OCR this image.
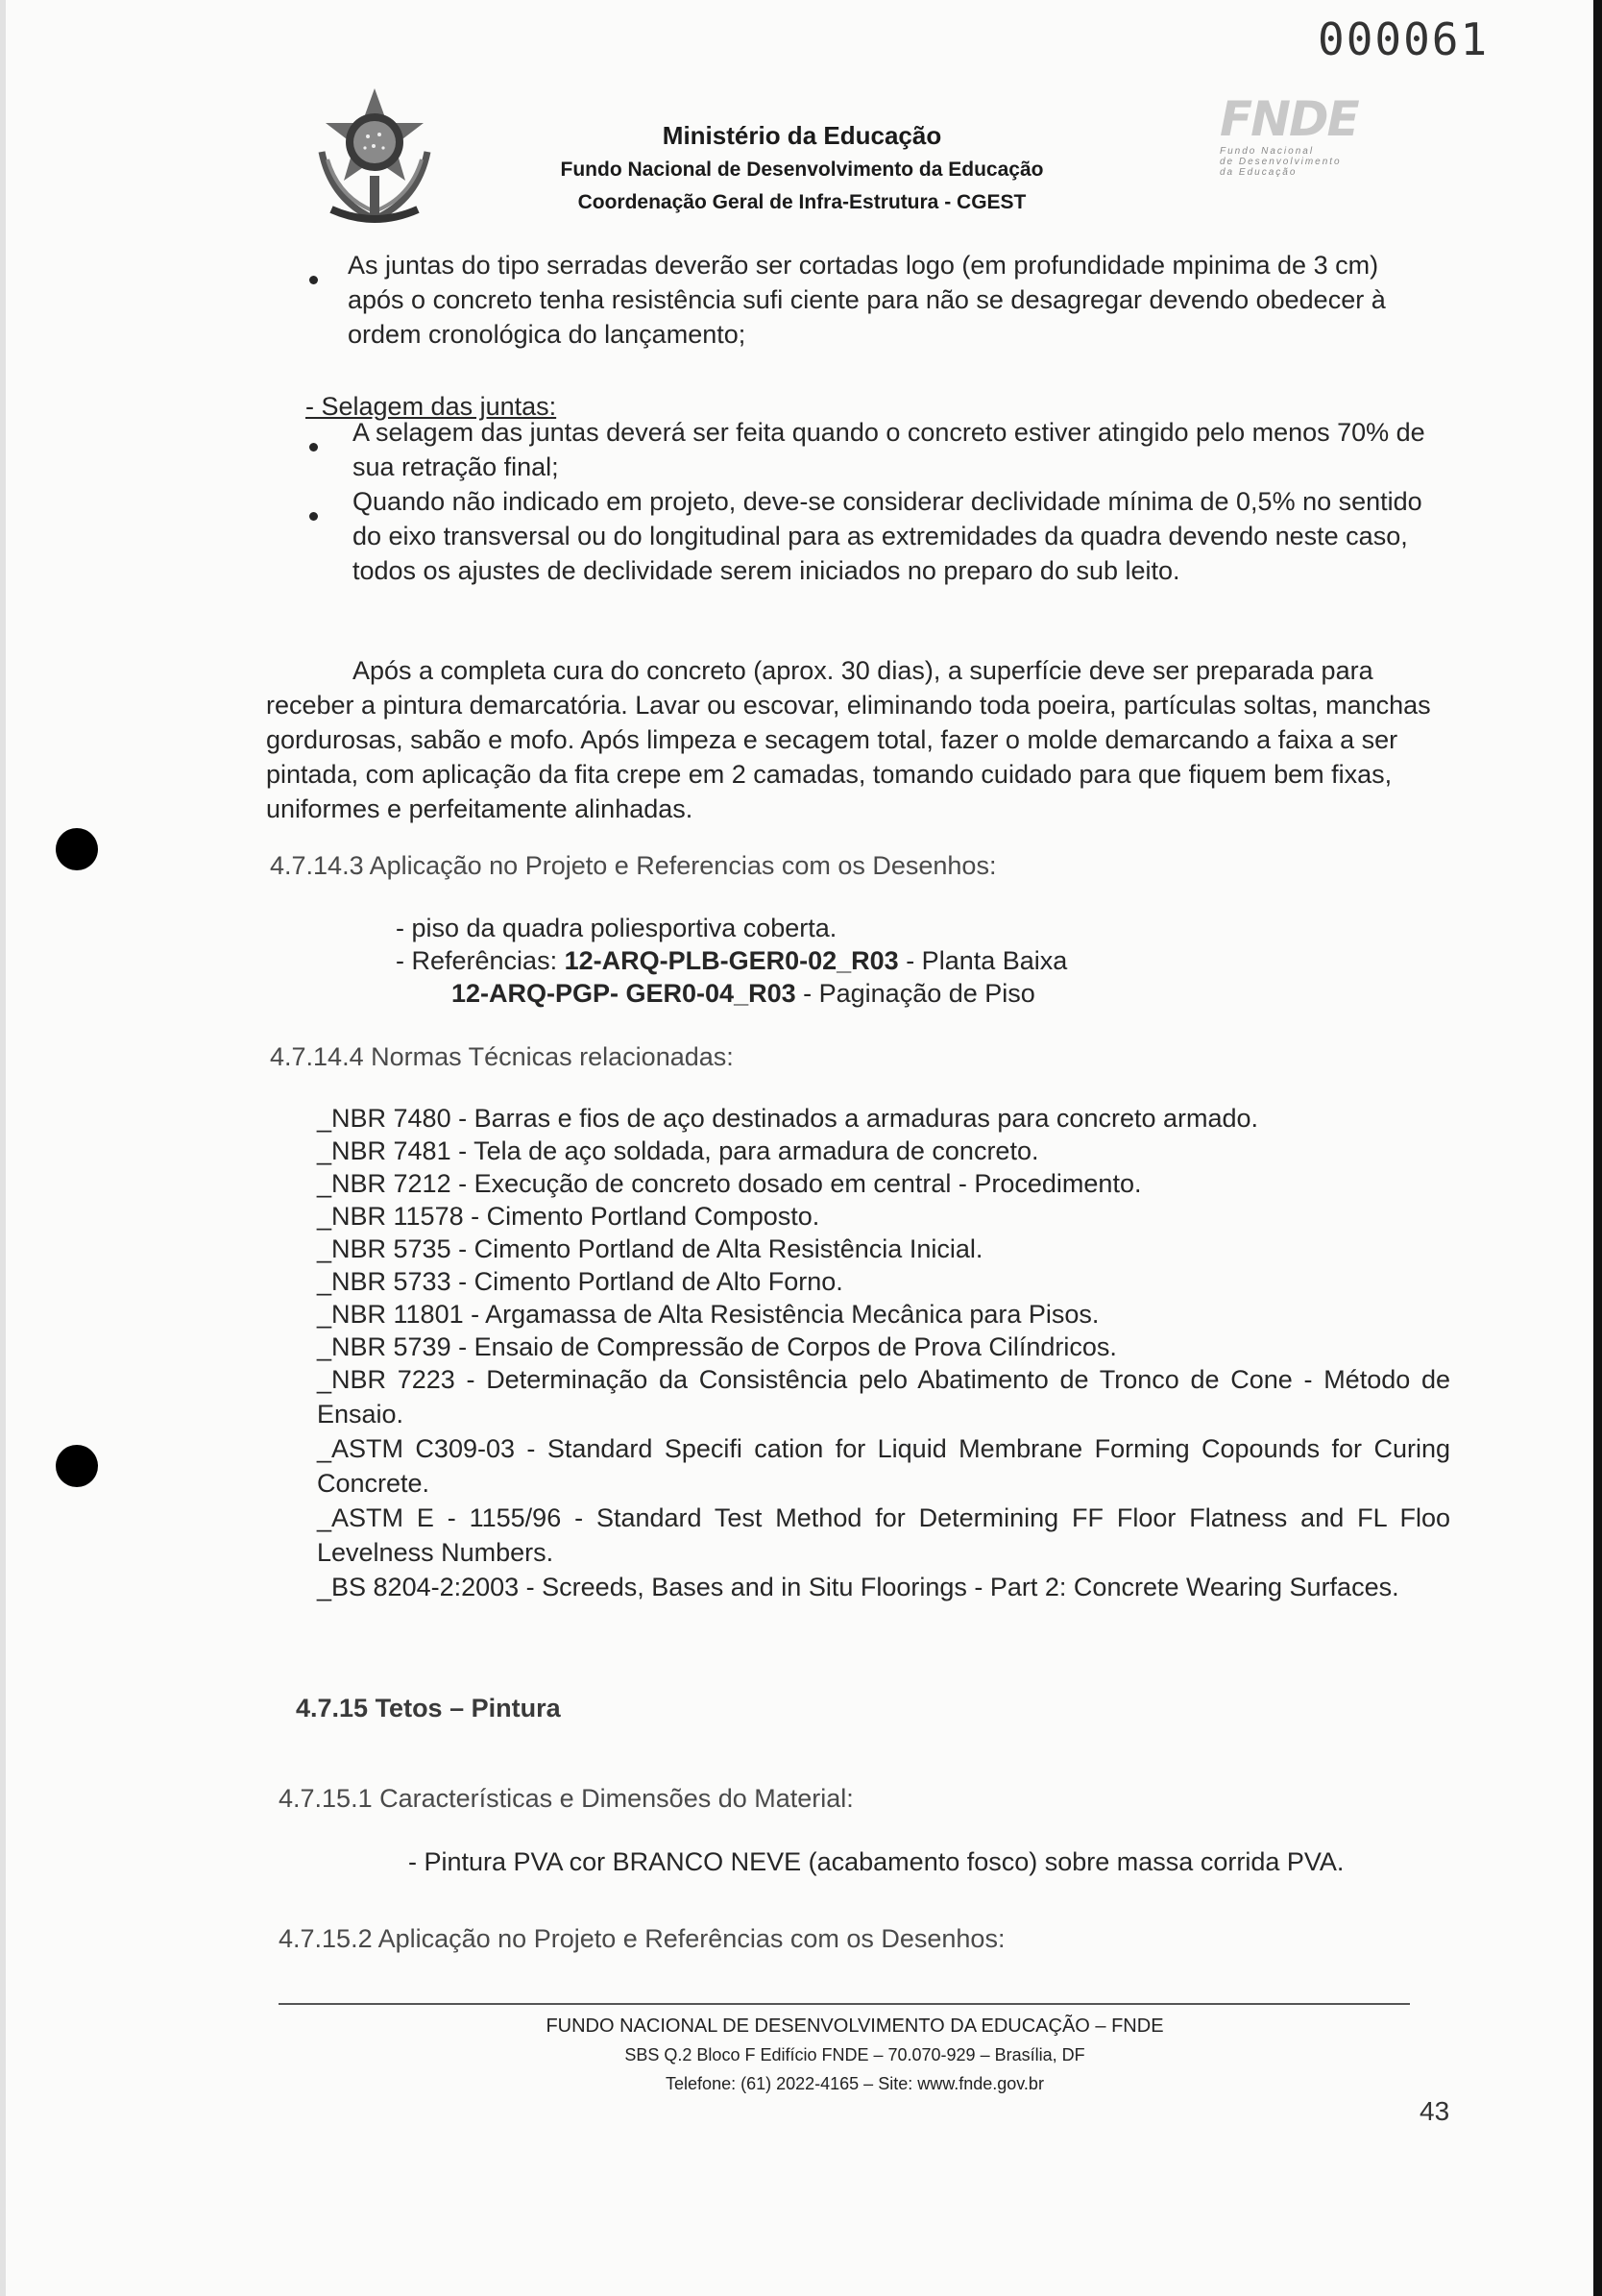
000061
Ministério da Educação
Fundo Nacional de Desenvolvimento da Educação
Coordenação Geral de Infra-Estrutura - CGEST
FNDE
Fundo Nacional
de Desenvolvimento
da Educação
As juntas do tipo serradas deverão ser cortadas logo (em profundidade mpinima de 3 cm) após o concreto tenha resistência sufi ciente para não se desagregar devendo obedecer à ordem cronológica do lançamento;
- Selagem das juntas:
A selagem das juntas deverá ser feita quando o concreto estiver atingido pelo menos 70% de sua retração final;
Quando não indicado em projeto, deve-se considerar declividade mínima de 0,5% no sentido do eixo transversal ou do longitudinal para as extremidades da quadra devendo neste caso, todos os ajustes de declividade serem iniciados no preparo do sub leito.
Após a completa cura do concreto (aprox. 30 dias), a superfície deve ser preparada para receber a pintura demarcatória. Lavar ou escovar, eliminando toda poeira, partículas soltas, manchas gordurosas, sabão e mofo. Após limpeza e secagem total, fazer o molde demarcando a faixa a ser pintada, com aplicação da fita crepe em 2 camadas, tomando cuidado para que fiquem bem fixas, uniformes e perfeitamente alinhadas.
4.7.14.3 Aplicação no Projeto e Referencias com os Desenhos:
- piso da quadra poliesportiva coberta.
- Referências: 12-ARQ-PLB-GER0-02_R03 - Planta Baixa
12-ARQ-PGP- GER0-04_R03 - Paginação de Piso
4.7.14.4 Normas Técnicas relacionadas:
_NBR 7480 - Barras e fios de aço destinados a armaduras para concreto armado.
_NBR 7481 - Tela de aço soldada, para armadura de concreto.
_NBR 7212 - Execução de concreto dosado em central - Procedimento.
_NBR 11578 - Cimento Portland Composto.
_NBR 5735 - Cimento Portland de Alta Resistência Inicial.
_NBR 5733 - Cimento Portland de Alto Forno.
_NBR 11801 - Argamassa de Alta Resistência Mecânica para Pisos.
_NBR 5739 - Ensaio de Compressão de Corpos de Prova Cilíndricos.
_NBR 7223 - Determinação da Consistência pelo Abatimento de Tronco de Cone - Método de Ensaio.
_ASTM C309-03 - Standard Specifi cation for Liquid Membrane Forming Copounds for Curing Concrete.
_ASTM E - 1155/96 - Standard Test Method for Determining FF Floor Flatness and FL Floo Levelness Numbers.
_BS 8204-2:2003 - Screeds, Bases and in Situ Floorings - Part 2: Concrete Wearing Surfaces.
4.7.15 Tetos – Pintura
4.7.15.1 Características e Dimensões do Material:
- Pintura PVA cor BRANCO NEVE (acabamento fosco) sobre massa corrida PVA.
4.7.15.2 Aplicação no Projeto e Referências com os Desenhos:
FUNDO NACIONAL DE DESENVOLVIMENTO DA EDUCAÇÃO – FNDE
SBS Q.2 Bloco F Edifício FNDE – 70.070-929 – Brasília, DF
Telefone: (61) 2022-4165 – Site: www.fnde.gov.br
43
